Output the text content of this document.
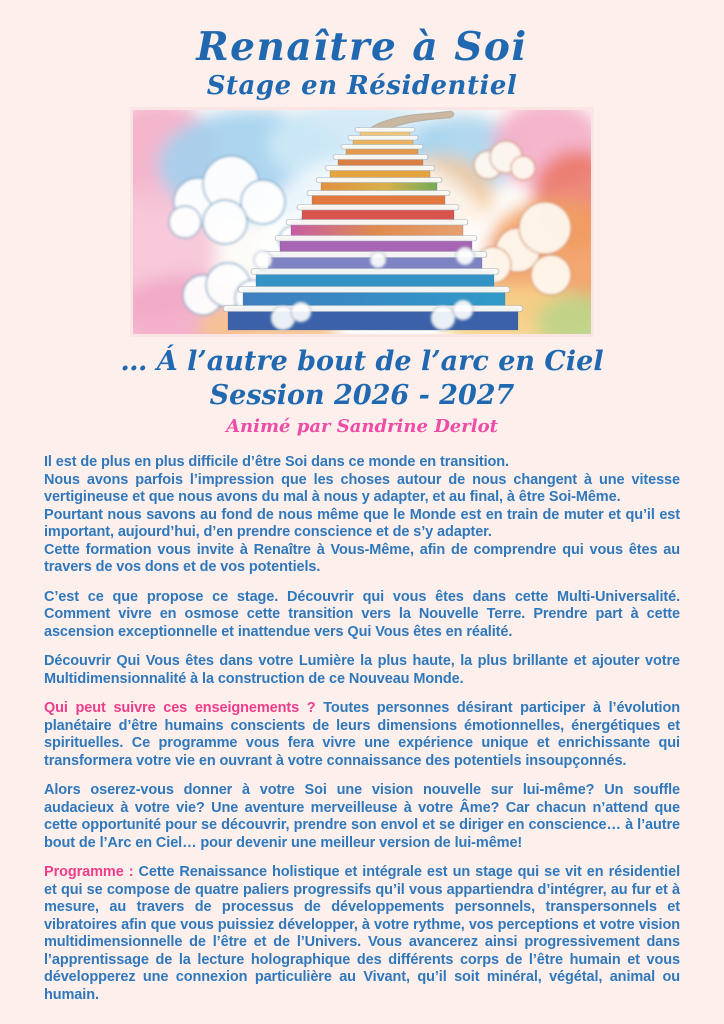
Renaître à Soi
Stage en Résidentiel
… Á l’autre bout de l’arc en Ciel
Session 2026 - 2027
Animé par Sandrine Derlot

Il est de plus en plus difficile d’être Soi dans ce monde en transition.
Nous avons parfois l’impression que les choses autour de nous changent à une vitesse vertigineuse et que nous avons du mal à nous y adapter, et au final, à être Soi-Même.
Pourtant nous savons au fond de nous même que le Monde est en train de muter et qu’il est important, aujourd’hui, d’en prendre conscience et de s’y adapter.
Cette formation vous invite à Renaître à Vous-Même, afin de comprendre qui vous êtes au travers de vos dons et de vos potentiels.

C’est ce que propose ce stage. Découvrir qui vous êtes dans cette Multi-Universalité. Comment vivre en osmose cette transition vers la Nouvelle Terre. Prendre part à cette ascension exceptionnelle et inattendue vers Qui Vous êtes en réalité.

Découvrir Qui Vous êtes dans votre Lumière la plus haute, la plus brillante et ajouter votre Multidimensionnalité à la construction de ce Nouveau Monde.

Qui peut suivre ces enseignements ? Toutes personnes désirant participer à l’évolution planétaire d’être humains conscients de leurs dimensions émotionnelles, énergétiques et spirituelles. Ce programme vous fera vivre une expérience unique et enrichissante qui transformera votre vie en ouvrant à votre connaissance des potentiels insoupçonnés.

Alors oserez-vous donner à votre Soi une vision nouvelle sur lui-même? Un souffle audacieux à votre vie? Une aventure merveilleuse à votre Âme? Car chacun n’attend que cette opportunité pour se découvrir, prendre son envol et se diriger en conscience… à l’autre bout de l’Arc en Ciel… pour devenir une meilleur version de lui-même!

Programme : Cette Renaissance holistique et intégrale est un stage qui se vit en résidentiel et qui se compose de quatre paliers progressifs qu’il vous appartiendra d’intégrer, au fur et à mesure, au travers de processus de développements personnels, transpersonnels et vibratoires afin que vous puissiez développer, à votre rythme, vos perceptions et votre vision multidimensionnelle de l’être et de l’Univers. Vous avancerez ainsi progressivement dans l’apprentissage de la lecture holographique des différents corps de l’être humain et vous développerez une connexion particulière au Vivant, qu’il soit minéral, végétal, animal ou humain.
